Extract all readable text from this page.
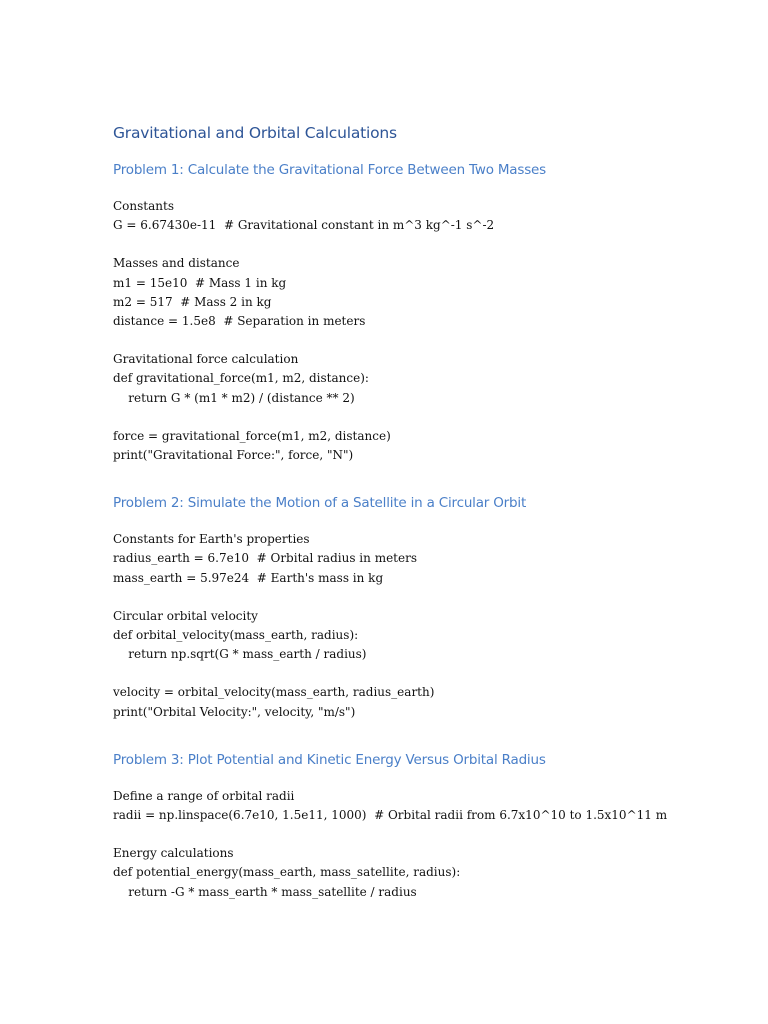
Gravitational and Orbital Calculations
Problem 1: Calculate the Gravitational Force Between Two Masses
Constants
G = 6.67430e-11  # Gravitational constant in m^3 kg^-1 s^-2
Masses and distance
m1 = 15e10  # Mass 1 in kg
m2 = 517  # Mass 2 in kg
distance = 1.5e8  # Separation in meters
Gravitational force calculation
def gravitational_force(m1, m2, distance):
return G * (m1 * m2) / (distance ** 2)
force = gravitational_force(m1, m2, distance)
print("Gravitational Force:", force, "N")
Problem 2: Simulate the Motion of a Satellite in a Circular Orbit
Constants for Earth's properties
radius_earth = 6.7e10  # Orbital radius in meters
mass_earth = 5.97e24  # Earth's mass in kg
Circular orbital velocity
def orbital_velocity(mass_earth, radius):
return np.sqrt(G * mass_earth / radius)
velocity = orbital_velocity(mass_earth, radius_earth)
print("Orbital Velocity:", velocity, "m/s")
Problem 3: Plot Potential and Kinetic Energy Versus Orbital Radius
Define a range of orbital radii
radii = np.linspace(6.7e10, 1.5e11, 1000)  # Orbital radii from 6.7x10^10 to 1.5x10^11 m
Energy calculations
def potential_energy(mass_earth, mass_satellite, radius):
return -G * mass_earth * mass_satellite / radius
